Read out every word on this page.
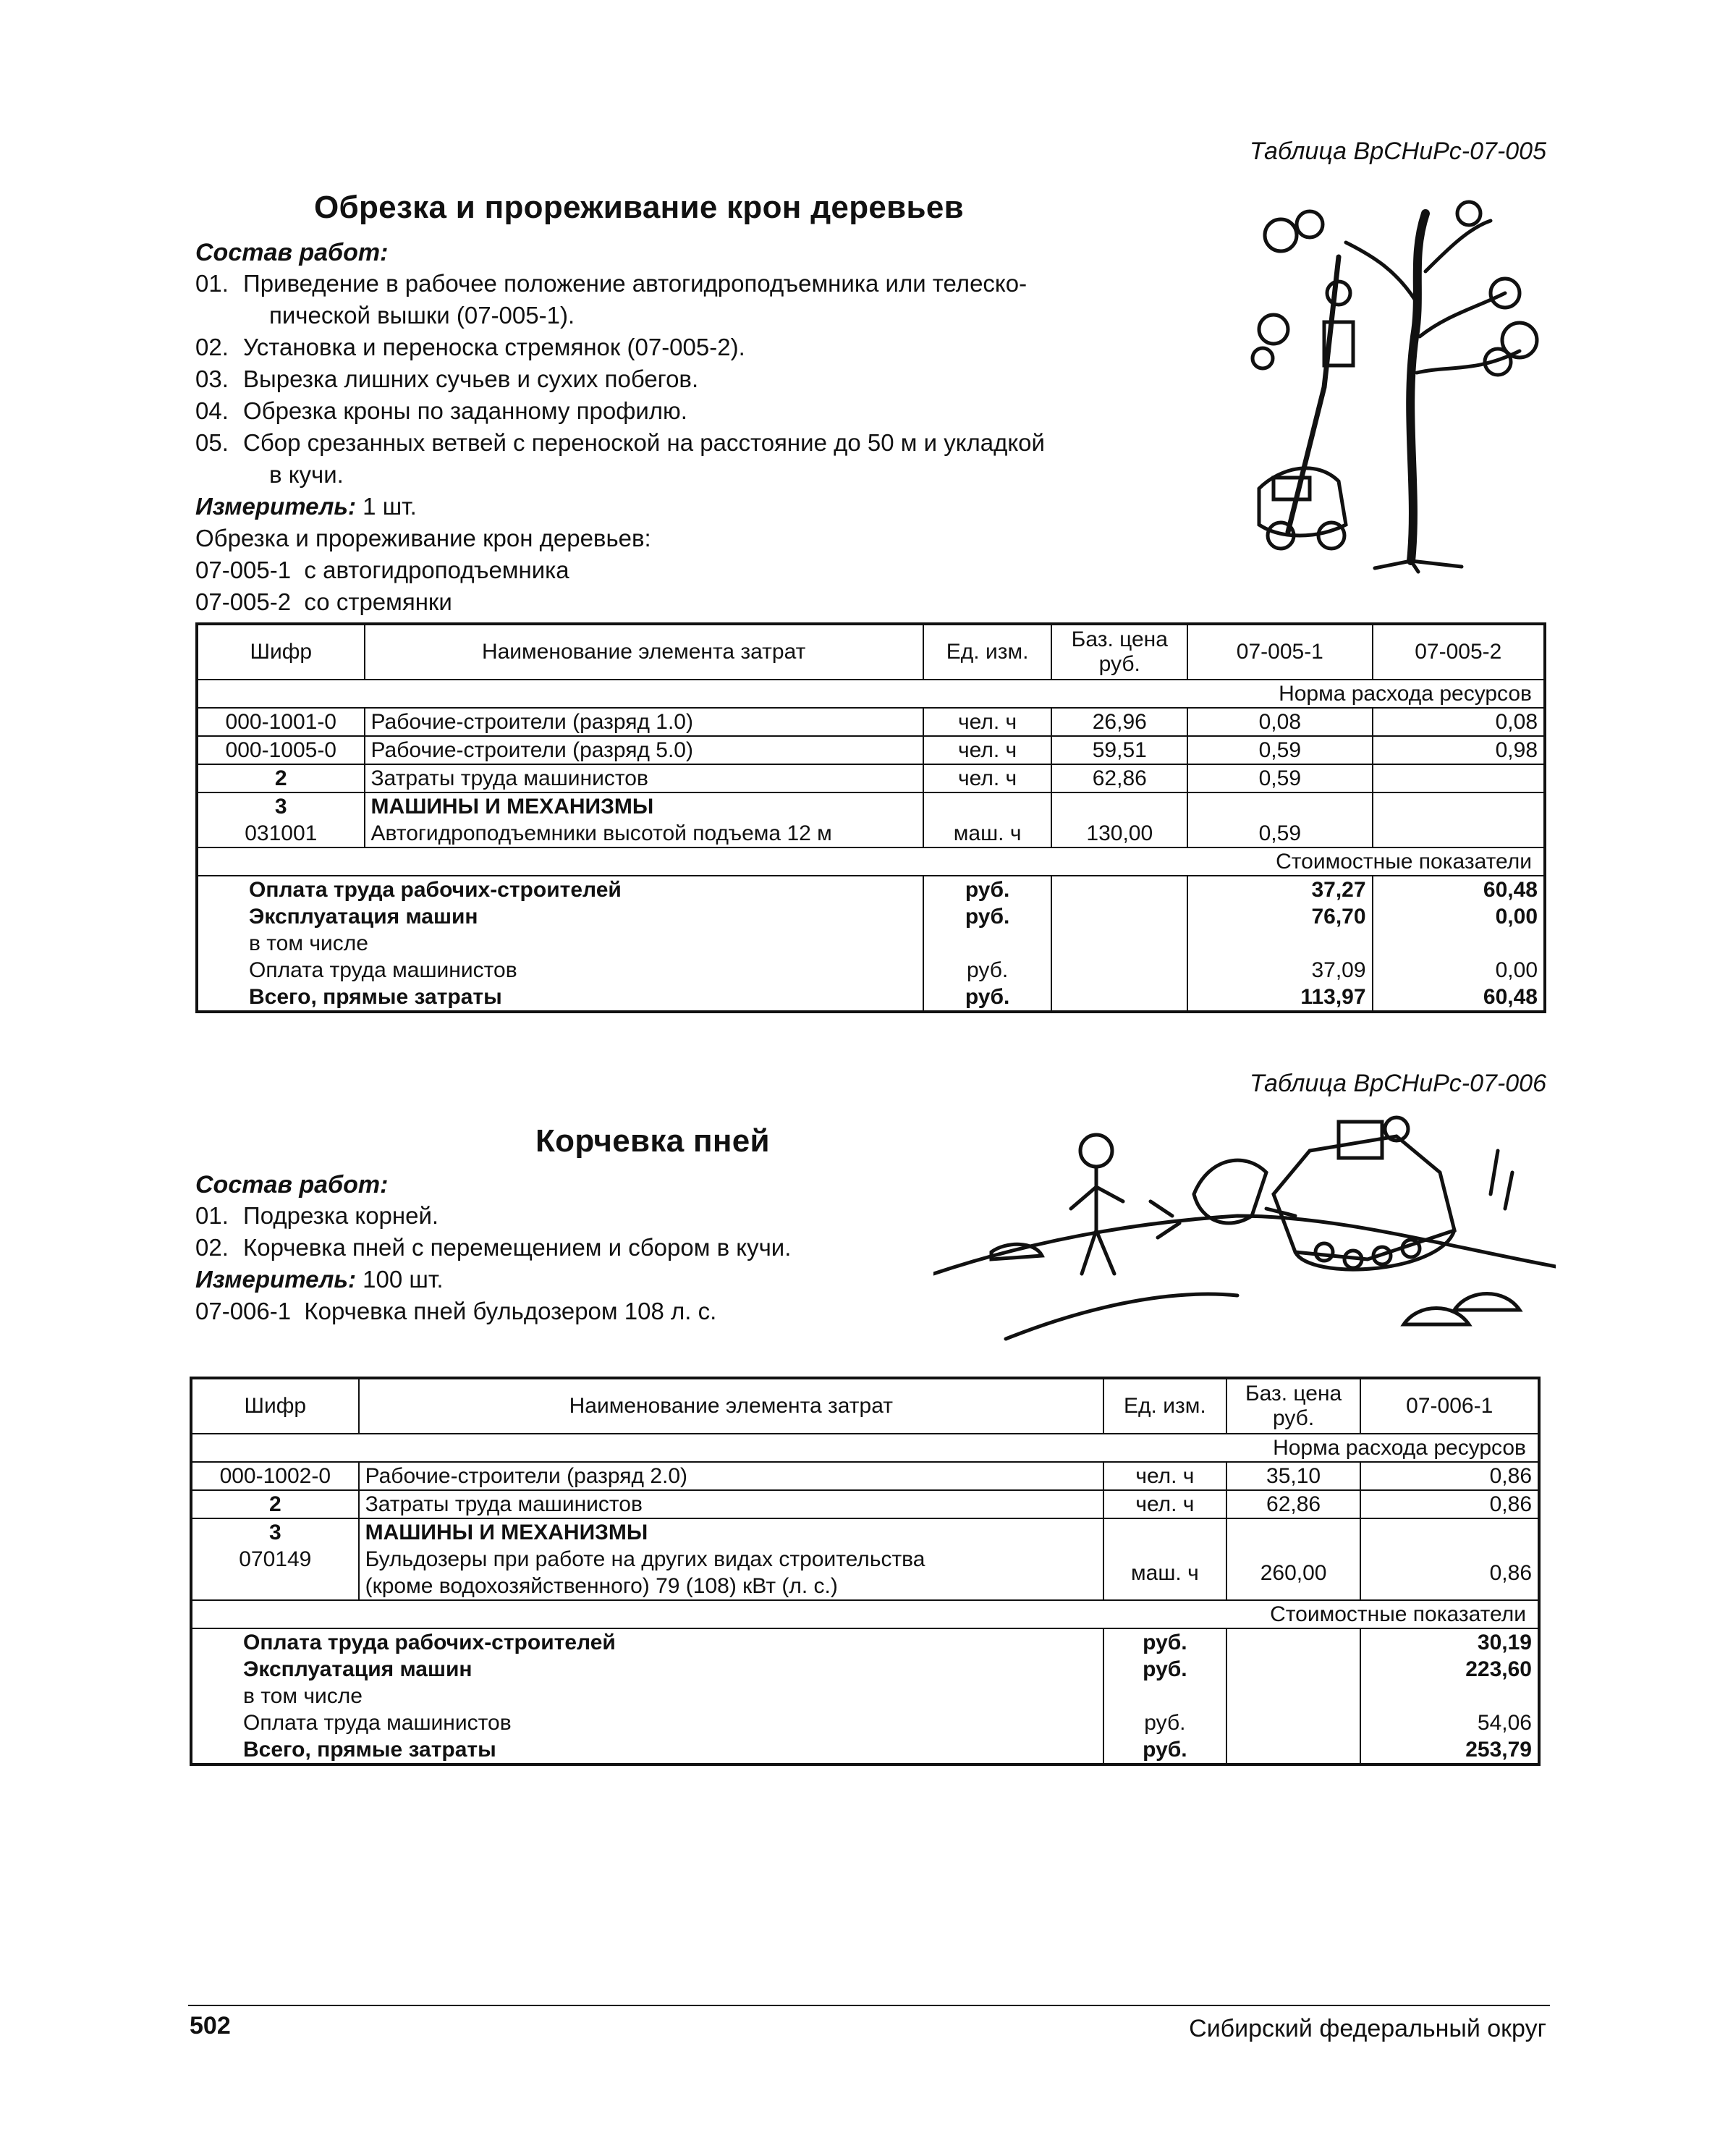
Таблица ВрСНиРс-07-005
Обрезка и прореживание крон деревьев
Состав работ:
01. Приведение в рабочее положение автогидроподъемника или телеско-
пической вышки (07-005-1).
02. Установка и переноска стремянок (07-005-2).
03. Вырезка лишних сучьев и сухих побегов.
04. Обрезка кроны по заданному профилю.
05. Сбор срезанных ветвей с переноской на расстояние до 50 м и укладкой
в кучи.

Измеритель: 1 шт.

Обрезка и прореживание крон деревьев:

07-005-1  с автогидроподъемника

07-005-2  со стремянки

Шифр	Наименование элемента затрат	Ед. изм.	Баз. цена
руб.	07-005-1	07-005-2
Норма расхода ресурсов					
000-1001-0	Рабочие-строители (разряд 1.0)	чел. ч	26,96	0,08	0,08
000-1005-0	Рабочие-строители (разряд 5.0)	чел. ч	59,51	0,59	0,98
2	Затраты труда машинистов	чел. ч	62,86	0,59	
3	МАШИНЫ И МЕХАНИЗМЫ				
031001	Автогидроподъемники высотой подъема 12 м	маш. ч	130,00	0,59	
Стоимостные показатели					
Оплата труда рабочих-строителей		руб.		37,27	60,48
Эксплуатация машин		руб.		76,70	0,00
в том числе					
Оплата труда машинистов		руб.		37,09	0,00
Всего, прямые затраты		руб.		113,97	60,48
Таблица ВрСНиРс-07-006
Корчевка пней
Состав работ:
01. Подрезка корней.
02. Корчевка пней с перемещением и сбором в кучи.

Измеритель: 100 шт.

07-006-1  Корчевка пней бульдозером 108 л. с.

Шифр	Наименование элемента затрат	Ед. изм.	Баз. цена
руб.	07-006-1
Норма расхода ресурсов				
000-1002-0	Рабочие-строители (разряд 2.0)	чел. ч	35,10	0,86
2	Затраты труда машинистов	чел. ч	62,86	0,86
3	МАШИНЫ И МЕХАНИЗМЫ			
070149	Бульдозеры при работе на других видах строительства
(кроме водохозяйственного) 79 (108) кВт (л. с.)	маш. ч	260,00	0,86
Стоимостные показатели				
Оплата труда рабочих-строителей		руб.		30,19
Эксплуатация машин		руб.		223,60
в том числе				
Оплата труда машинистов		руб.		54,06
Всего, прямые затраты		руб.		253,79
502	Сибирский федеральный округ
